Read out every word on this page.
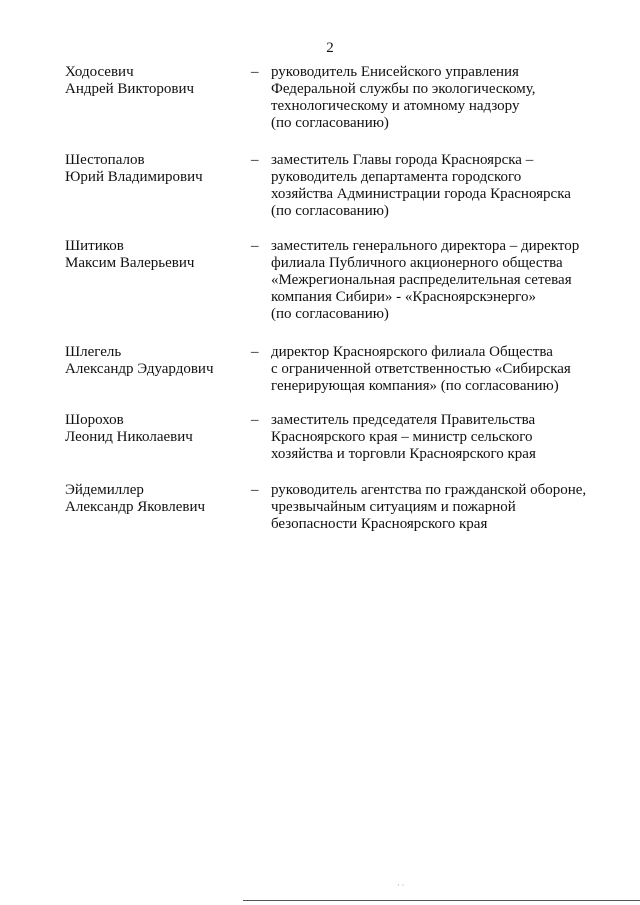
2
Ходосевич
Андрей Викторович
– руководитель Енисейского управления
Федеральной службы по экологическому,
технологическому и атомному надзору
(по согласованию)
Шестопалов
Юрий Владимирович
– заместитель Главы города Красноярска –
руководитель департамента городского
хозяйства Администрации города Красноярска
(по согласованию)
Шитиков
Максим Валерьевич
– заместитель генерального директора – директор
филиала Публичного акционерного общества
«Межрегиональная распределительная сетевая
компания Сибири» - «Красноярскэнерго»
(по согласованию)
Шлегель
Александр Эдуардович
– директор Красноярского филиала Общества
с ограниченной ответственностью «Сибирская
генерирующая компания» (по согласованию)
Шорохов
Леонид Николаевич
– заместитель председателя Правительства
Красноярского края – министр сельского
хозяйства и торговли Красноярского края
Эйдемиллер
Александр Яковлевич
– руководитель агентства по гражданской обороне,
чрезвычайным ситуациям и пожарной
безопасности Красноярского края
· ·
